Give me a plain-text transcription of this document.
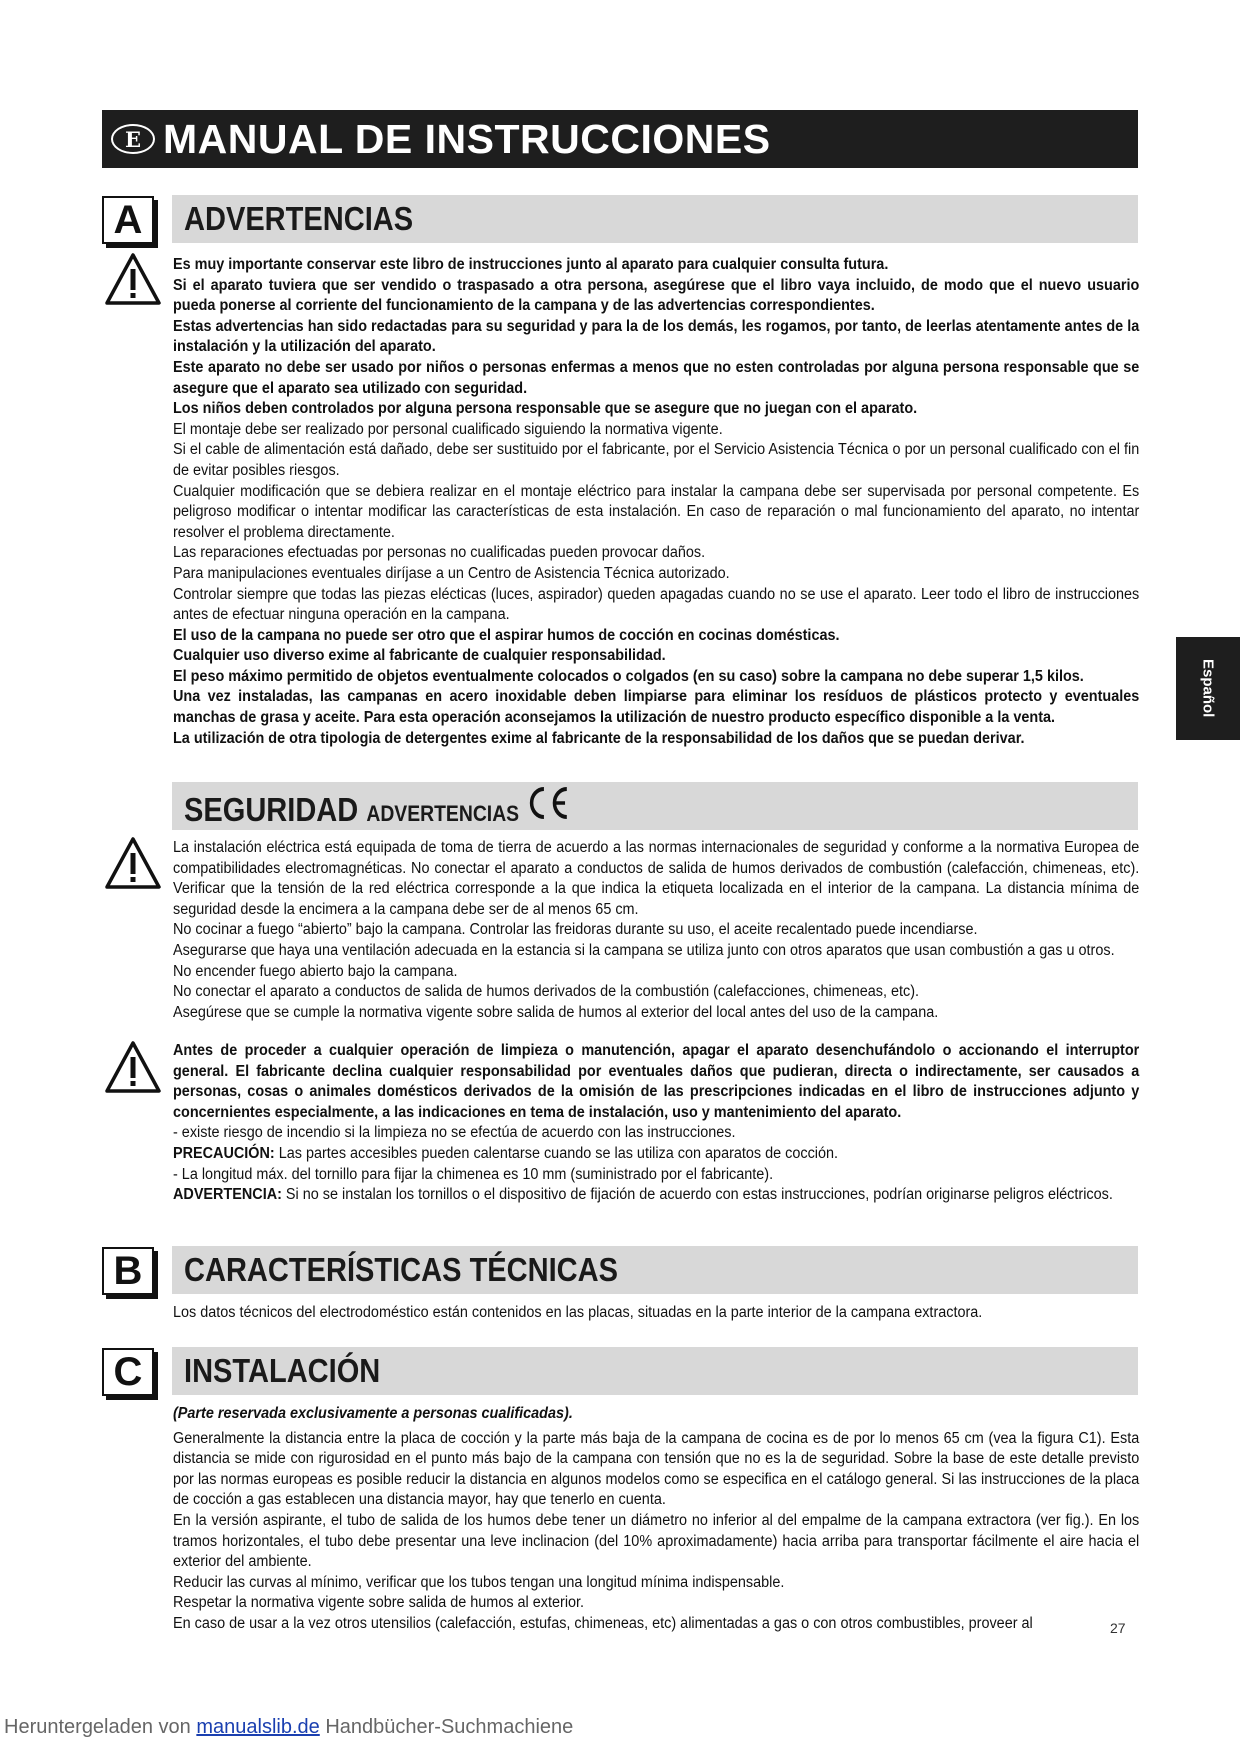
E MANUAL DE INSTRUCCIONES
Español
A	ADVERTENCIAS
Es muy importante conservar este libro de instrucciones junto al aparato para cualquier consulta futura.
Si el aparato tuviera que ser vendido o traspasado a otra persona, asegúrese que el libro vaya incluido, de modo que el nuevo usuario pueda ponerse al corriente del funcionamiento de la campana y de las advertencias correspondientes.
Estas advertencias han sido redactadas para su seguridad y para la de los demás, les rogamos, por tanto, de leerlas atentamente antes de la instalación y la utilización del aparato.
Este aparato no debe ser usado por niños o personas enfermas a menos que no esten controladas por alguna persona responsable que se asegure que el aparato sea utilizado con seguridad.
Los niños deben controlados por alguna persona responsable que se asegure que no juegan con el aparato.
El montaje debe ser realizado por personal cualificado siguiendo la normativa vigente.
Si el cable de alimentación está dañado, debe ser sustituido por el fabricante, por el Servicio Asistencia Técnica o por un personal cualificado con el fin de evitar posibles riesgos.
Cualquier modificación que se debiera realizar en el montaje eléctrico para instalar la campana debe ser supervisada por personal competente. Es peligroso modificar o intentar modificar las características de esta instalación. En caso de reparación o mal funcionamiento del aparato, no intentar resolver el problema directamente.
Las reparaciones efectuadas por personas no cualificadas pueden provocar daños.
Para manipulaciones eventuales diríjase a un Centro de Asistencia Técnica autorizado.
Controlar siempre que todas las piezas elécticas (luces, aspirador) queden apagadas cuando no se use el aparato. Leer todo el libro de instrucciones antes de efectuar ninguna operación en la campana.
El uso de la campana no puede ser otro que el aspirar humos de cocción en cocinas domésticas.
Cualquier uso diverso exime al fabricante de cualquier responsabilidad.
El peso máximo permitido de objetos eventualmente colocados o colgados (en su caso) sobre la campana no debe superar 1,5 kilos.
Una vez instaladas, las campanas en acero inoxidable deben limpiarse para eliminar los resíduos de plásticos protecto y eventuales manchas de grasa y aceite. Para esta operación aconsejamos la utilización de nuestro producto específico disponible a la venta.
La utilización de otra tipologia de detergentes exime al fabricante de la responsabilidad de los daños que se puedan derivar.
SEGURIDAD ADVERTENCIAS
La instalación eléctrica está equipada de toma de tierra de acuerdo a las normas internacionales de seguridad y conforme a la normativa Europea de compatibilidades electromagnéticas. No conectar el aparato a conductos de salida de humos derivados de combustión (calefacción, chimeneas, etc). Verificar que la tensión de la red eléctrica corresponde a la que indica la etiqueta localizada en el interior de la campana. La distancia mínima de seguridad desde la encimera a la campana debe ser de al menos 65 cm.
No cocinar a fuego “abierto” bajo la campana. Controlar las freidoras durante su uso, el aceite recalentado puede incendiarse.
Asegurarse que haya una ventilación adecuada en la estancia si la campana se utiliza junto con otros aparatos que usan combustión a gas u otros.
No encender fuego abierto bajo la campana.
No conectar el aparato a conductos de salida de humos derivados de la combustión (calefacciones, chimeneas, etc).
Asegúrese que se cumple la normativa vigente sobre salida de humos al exterior del local antes del uso de la campana.
Antes de proceder a cualquier operación de limpieza o manutención, apagar el aparato desenchufándolo o accionando el interruptor general. El fabricante declina cualquier responsabilidad por eventuales daños que pudieran, directa o indirectamente, ser causados a personas, cosas o animales domésticos derivados de la omisión de las prescripciones indicadas en el libro de instrucciones adjunto y concernientes especialmente, a las indicaciones en tema de instalación, uso y mantenimiento del aparato.
- existe riesgo de incendio si la limpieza no se efectúa de acuerdo con las instrucciones.
PRECAUCIÓN: Las partes accesibles pueden calentarse cuando se las utiliza con aparatos de cocción.
- La longitud máx. del tornillo para fijar la chimenea es 10 mm (suministrado por el fabricante).
ADVERTENCIA: Si no se instalan los tornillos o el dispositivo de fijación de acuerdo con estas instrucciones, podrían originarse peligros eléctricos.
B	CARACTERÍSTICAS TÉCNICAS
Los datos técnicos del electrodoméstico están contenidos en las placas, situadas en la parte interior de la campana extractora.
C	INSTALACIÓN
(Parte reservada exclusivamente a personas cualificadas).
Generalmente la distancia entre la placa de cocción y la parte más baja de la campana de cocina es de por lo menos 65 cm (vea la figura C1). Esta distancia se mide con rigurosidad en el punto más bajo de la campana con tensión que no es la de seguridad. Sobre la base de este detalle previsto por las normas europeas es posible reducir la distancia en algunos modelos como se especifica en el catálogo general. Si las instrucciones de la placa de cocción a gas establecen una distancia mayor, hay que tenerlo en cuenta.
En la versión aspirante, el tubo de salida de los humos debe tener un diámetro no inferior al del empalme de la campana extractora (ver fig.). En los tramos horizontales, el tubo debe presentar una leve inclinacion (del 10% aproximadamente) hacia arriba para transportar fácilmente el aire hacia el exterior del ambiente.
Reducir las curvas al mínimo, verificar que los tubos tengan una longitud mínima indispensable.
Respetar la normativa vigente sobre salida de humos al exterior.
En caso de usar a la vez otros utensilios (calefacción, estufas, chimeneas, etc) alimentadas a gas o con otros combustibles, proveer al	27
Heruntergeladen von manualslib.de Handbücher-Suchmachiene
